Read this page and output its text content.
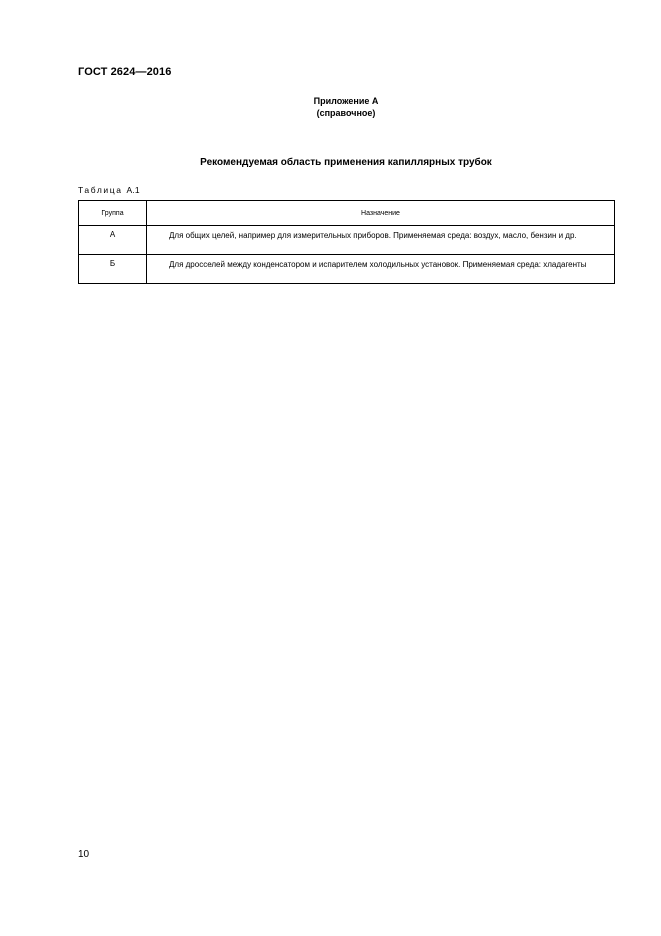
ГОСТ 2624—2016
Приложение А
(справочное)
Рекомендуемая область применения капиллярных трубок
Таблица А.1
Группа	Назначение
А	Для общих целей, например для измерительных приборов. Применяемая среда: воздух, масло, бензин и др.
Б	Для дросселей между конденсатором и испарителем холодильных установок. Применяемая среда: хладагенты
10
